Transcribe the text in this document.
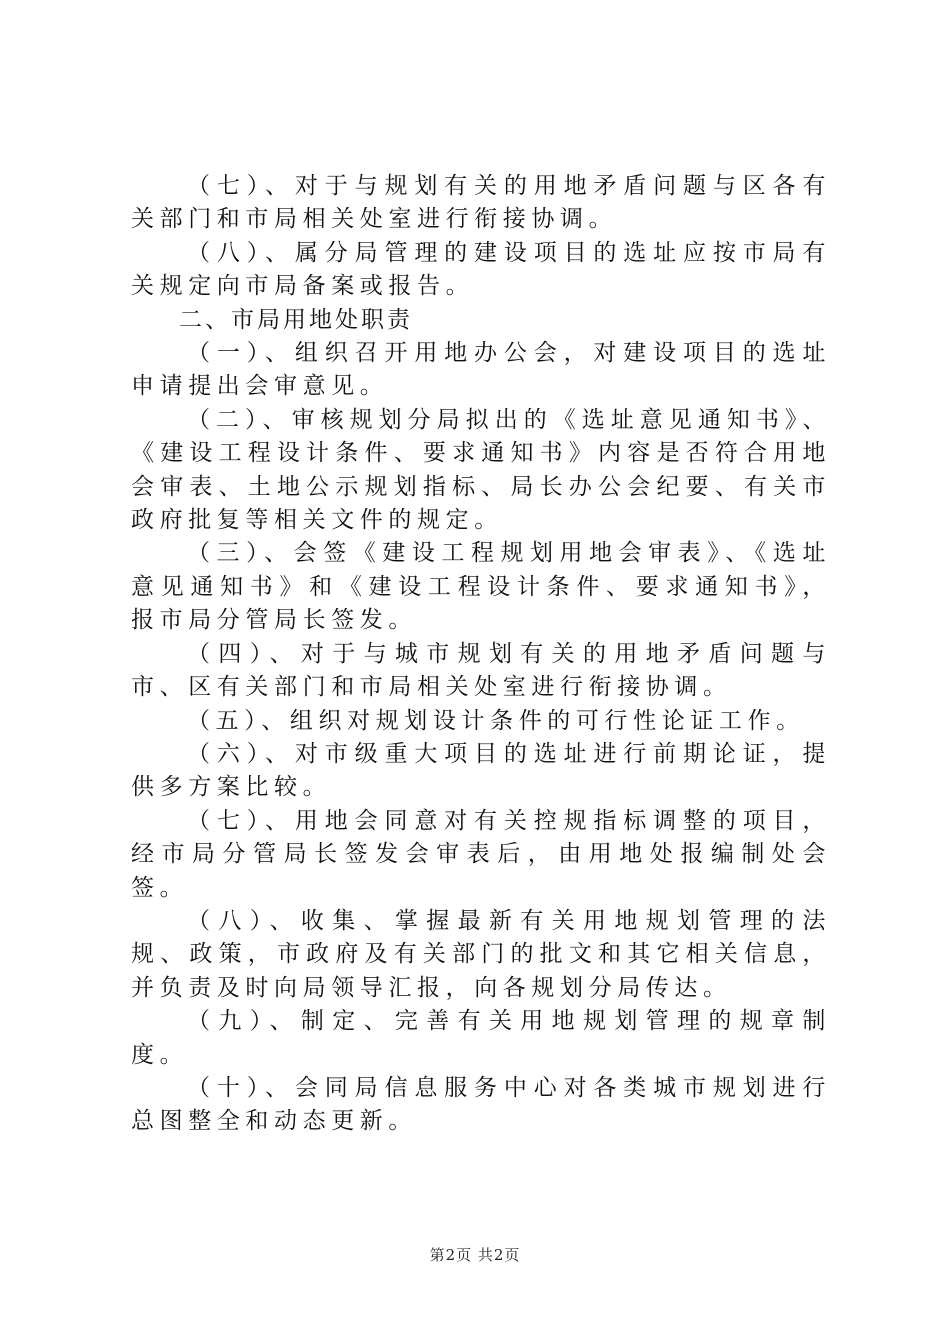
（七）、对于与规划有关的用地矛盾问题与区各有关部门和市局相关处室进行衔接协调。

（八）、属分局管理的建设项目的选址应按市局有关规定向市局备案或报告。

二、市局用地处职责

（一）、组织召开用地办公会，对建设项目的选址申请提出会审意见。

（二）、审核规划分局拟出的《选址意见通知书》、《建设工程设计条件、要求通知书》内容是否符合用地会审表、土地公示规划指标、局长办公会纪要、有关市政府批复等相关文件的规定。

（三）、会签《建设工程规划用地会审表》、《选址意见通知书》和《建设工程设计条件、要求通知书》，报市局分管局长签发。

（四）、对于与城市规划有关的用地矛盾问题与市、区有关部门和市局相关处室进行衔接协调。

（五）、组织对规划设计条件的可行性论证工作。

（六）、对市级重大项目的选址进行前期论证，提供多方案比较。

（七）、用地会同意对有关控规指标调整的项目，经市局分管局长签发会审表后，由用地处报编制处会签。

（八）、收集、掌握最新有关用地规划管理的法规、政策，市政府及有关部门的批文和其它相关信息，并负责及时向局领导汇报，向各规划分局传达。

（九）、制定、完善有关用地规划管理的规章制度。

（十）、会同局信息服务中心对各类城市规划进行总图整全和动态更新。

第2页 共2页
